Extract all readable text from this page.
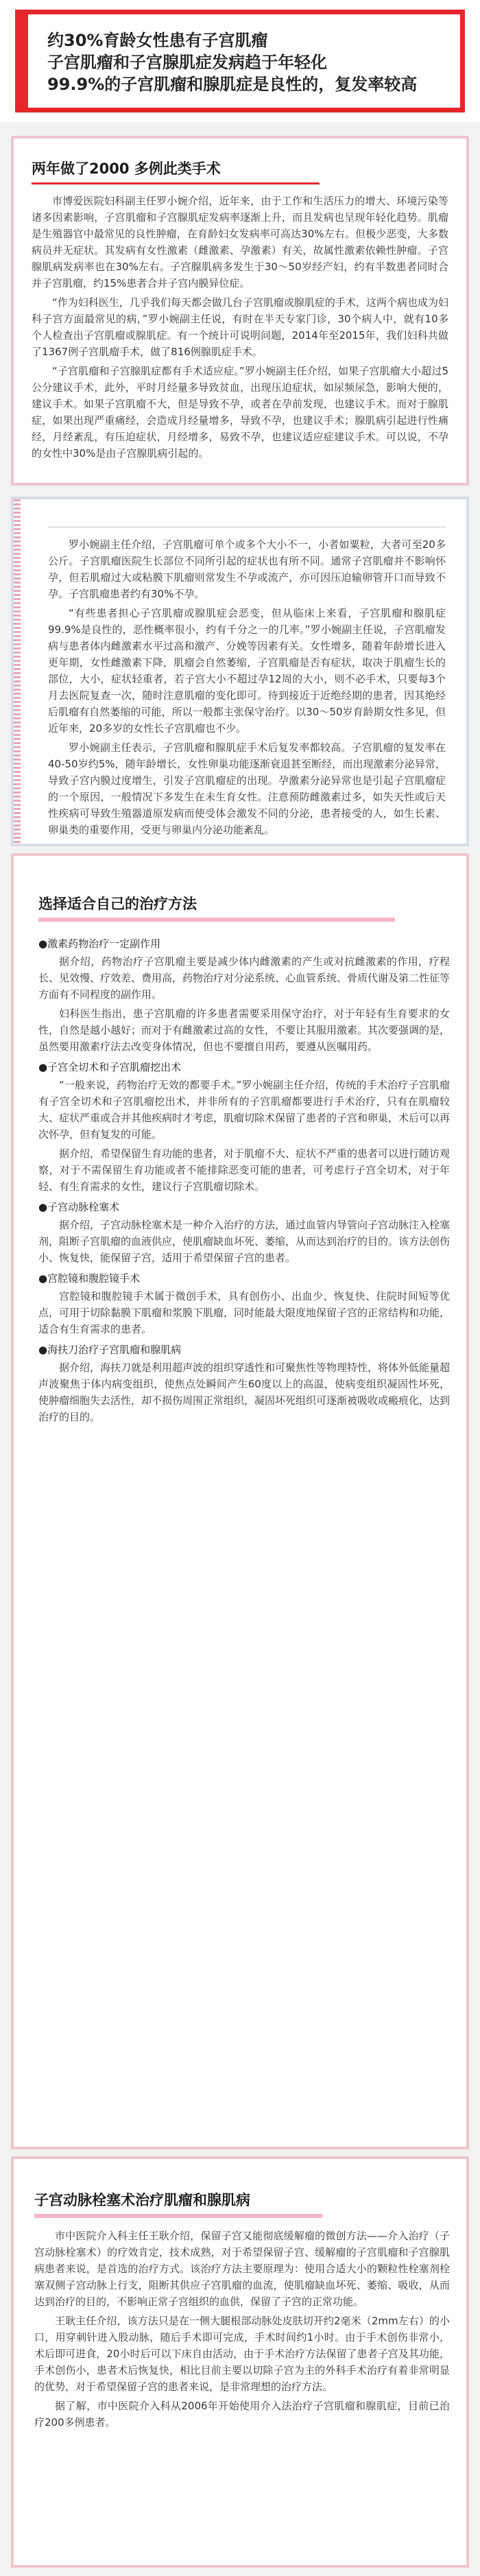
约30%育龄女性患有子宫肌瘤
子宫肌瘤和子宫腺肌症发病趋于年轻化
99.9%的子宫肌瘤和腺肌症是良性的，复发率较高
两年做了2000 多例此类手术

市博爱医院妇科副主任罗小婉介绍，近年来，由于工作和生活压力的增大、环境污染等诸多因素影响，子宫肌瘤和子宫腺肌症发病率逐渐上升，而且发病也呈现年轻化趋势。肌瘤是生殖器官中最常见的良性肿瘤，在育龄妇女发病率可高达30%左右。但极少恶变，大多数病员并无症状。其发病有女性激素（雌激素、孕激素）有关，故属性激素依赖性肿瘤。子宫腺肌病发病率也在30%左右。子宫腺肌病多发生于30～50岁经产妇，约有半数患者同时合并子宫肌瘤，约15%患者合并子宫内膜异位症。

“作为妇科医生，几乎我们每天都会做几台子宫肌瘤或腺肌症的手术，这两个病也成为妇科子宫方面最常见的病，”罗小婉副主任说，有时在半天专家门诊，30个病人中，就有10多个人检查出子宫肌瘤或腺肌症。有一个统计可说明问题，2014年至2015年，我们妇科共做了1367例子宫肌瘤手术，做了816例腺肌症手术。

“子宫肌瘤和子宫腺肌症都有手术适应症。”罗小婉副主任介绍，如果子宫肌瘤大小超过5公分建议手术，此外，平时月经量多导致贫血，出现压迫症状，如尿频尿急，影响大便的，建议手术。如果子宫肌瘤不大，但是导致不孕，或者在孕前发现，也建议手术。而对于腺肌症，如果出现严重痛经，会造成月经量增多，导致不孕，也建议手术；腺肌病引起进行性痛经，月经紊乱，有压迫症状，月经增多，易致不孕，也建议适应症建议手术。可以说，不孕的女性中30%是由子宫腺肌病引起的。

罗小婉副主任介绍，子宫肌瘤可单个或多个大小不一，小者如粟粒，大者可至20多公斤。子宫肌瘤医院生长部位不同所引起的症状也有所不同。通常子宫肌瘤并不影响怀孕，但若肌瘤过大或粘膜下肌瘤则常发生不孕或流产，亦可因压迫输卵管开口而导致不孕。子宫肌瘤患者约有30%不孕。

“有些患者担心子宫肌瘤或腺肌症会恶变，但从临床上来看，子宫肌瘤和腺肌症99.9%是良性的，恶性概率很小，约有千分之一的几率。”罗小婉副主任说，子宫肌瘤发病与患者体内雌激素水平过高和激产、分娩等因素有关。女性增多，随着年龄增长进入更年期，女性雌激素下降，肌瘤会自然萎缩，子宫肌瘤是否有症状，取决于肌瘤生长的部位，大小，症状轻重者，若子宫大小不超过孕12周的大小，则不必手术，只要每3个月去医院复查一次，随时注意肌瘤的变化即可。待到接近于近绝经期的患者，因其绝经后肌瘤有自然萎缩的可能，所以一般都主张保守治疗。以30～50岁育龄期女性多见，但近年来，20多岁的女性长子宫肌瘤也不少。

罗小婉副主任表示，子宫肌瘤和腺肌症手术后复发率都较高。子宫肌瘤的复发率在40-50岁约5%，随年龄增长，女性卵巢功能逐渐衰退甚至断经，而出现激素分泌异常，导致子宫内膜过度增生，引发子宫肌瘤症的出现。孕激素分泌异常也是引起子宫肌瘤症的一个原因，一般情况下多发生在未生育女性。注意预防雌激素过多，如失天性或后天性疾病可导致生殖器道原发病而使受体会激发不同的分泌，患者接受的人，如生长素、卵巢类的重要作用，受更与卵巢内分泌功能紊乱。

选择适合自己的治疗方法
●激素药物治疗一定副作用

据介绍，药物治疗子宫肌瘤主要是减少体内雌激素的产生或对抗雌激素的作用，疗程长、见效慢、疗效差、费用高，药物治疗对分泌系统、心血管系统、骨质代谢及第二性征等方面有不同程度的副作用。

妇科医生指出，患子宫肌瘤的许多患者需要采用保守治疗，对于年轻有生育要求的女性，自然是越小越好；而对于有雌激素过高的女性，不要让其服用激素。其次要强调的是，虽然要用激素疗法去改变身体情况，但也不要擅自用药，要遵从医嘱用药。

●子宫全切术和子宫肌瘤挖出术

“一般来说，药物治疗无效的都要手术。”罗小婉副主任介绍，传统的手术治疗子宫肌瘤有子宫全切术和子宫肌瘤挖出术，并非所有的子宫肌瘤都要进行手术治疗，只有在肌瘤较大、症状严重或合并其他疾病时才考虑，肌瘤切除术保留了患者的子宫和卵巢，术后可以再次怀孕，但有复发的可能。

据介绍，希望保留生育功能的患者，对于肌瘤不大、症状不严重的患者可以进行随访观察，对于不需保留生育功能或者不能排除恶变可能的患者，可考虑行子宫全切术，对于年轻、有生育需求的女性，建议行子宫肌瘤切除术。

●子宫动脉栓塞术

据介绍，子宫动脉栓塞术是一种介入治疗的方法，通过血管内导管向子宫动脉注入栓塞剂，阻断子宫肌瘤的血液供应，使肌瘤缺血坏死、萎缩，从而达到治疗的目的。该方法创伤小、恢复快，能保留子宫，适用于希望保留子宫的患者。

●宫腔镜和腹腔镜手术

宫腔镜和腹腔镜手术属于微创手术，具有创伤小、出血少、恢复快、住院时间短等优点，可用于切除黏膜下肌瘤和浆膜下肌瘤，同时能最大限度地保留子宫的正常结构和功能，适合有生育需求的患者。

●海扶刀治疗子宫肌瘤和腺肌病

据介绍，海扶刀就是利用超声波的组织穿透性和可聚焦性等物理特性，将体外低能量超声波聚焦于体内病变组织，使焦点处瞬间产生60度以上的高温，使病变组织凝固性坏死，使肿瘤细胞失去活性，却不损伤周围正常组织，凝固坏死组织可逐渐被吸收或瘢痕化，达到治疗的目的。

子宫动脉栓塞术治疗肌瘤和腺肌病

市中医院介入科主任王耿介绍，保留子宫又能彻底缓解瘤的微创方法——介入治疗（子宫动脉栓塞术）的疗效肯定，技术成熟，对于希望保留子宫、缓解瘤的子宫肌瘤和子宫腺肌病患者来说，是首选的治疗方式。该治疗方法主要原理为：使用合适大小的颗粒性栓塞剂栓塞双侧子宫动脉上行支，阻断其供应子宫肌瘤的血流，使肌瘤缺血坏死、萎缩、吸收，从而达到治疗的目的，不影响正常子宫组织的血供，保留了子宫的正常功能。

王耿主任介绍，该方法只是在一侧大腿根部动脉处皮肤切开约2毫米（2mm左右）的小口，用穿刺针进入股动脉，随后手术即可完成，手术时间约1小时。由于手术创伤非常小，术后即可进食，20小时后可以下床自由活动，由于手术治疗方法保留了患者子宫及其功能，手术创伤小，患者术后恢复快，相比目前主要以切除子宫为主的外科手术治疗有着非常明显的优势，对于希望保留子宫的患者来说，是非常理想的治疗方法。

据了解，市中医院介入科从2006年开始使用介入法治疗子宫肌瘤和腺肌症，目前已治疗200多例患者。
